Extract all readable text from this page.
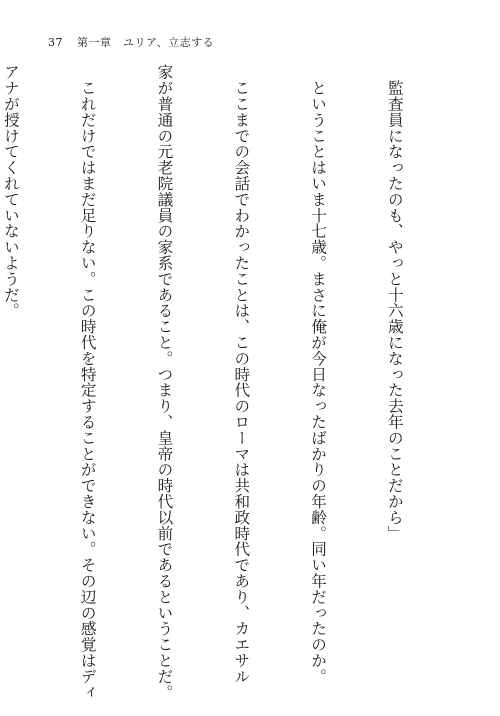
37 第一章　ユリア、立志する

　監査員になったのも、やっと十六歳になった去年のことだから」

　ということはいま十七歳。まさに俺が今日なったばかりの年齢。同い年だったのか。

　ここまでの会話でわかったことは、この時代のローマは共和政時代であり、カエサル

家が普通の元老院議員の家系であること。つまり、皇帝の時代以前であるということだ。

　これだけではまだ足りない。この時代を特定することができない。その辺の感覚はディ

アナが授けてくれていないようだ。
